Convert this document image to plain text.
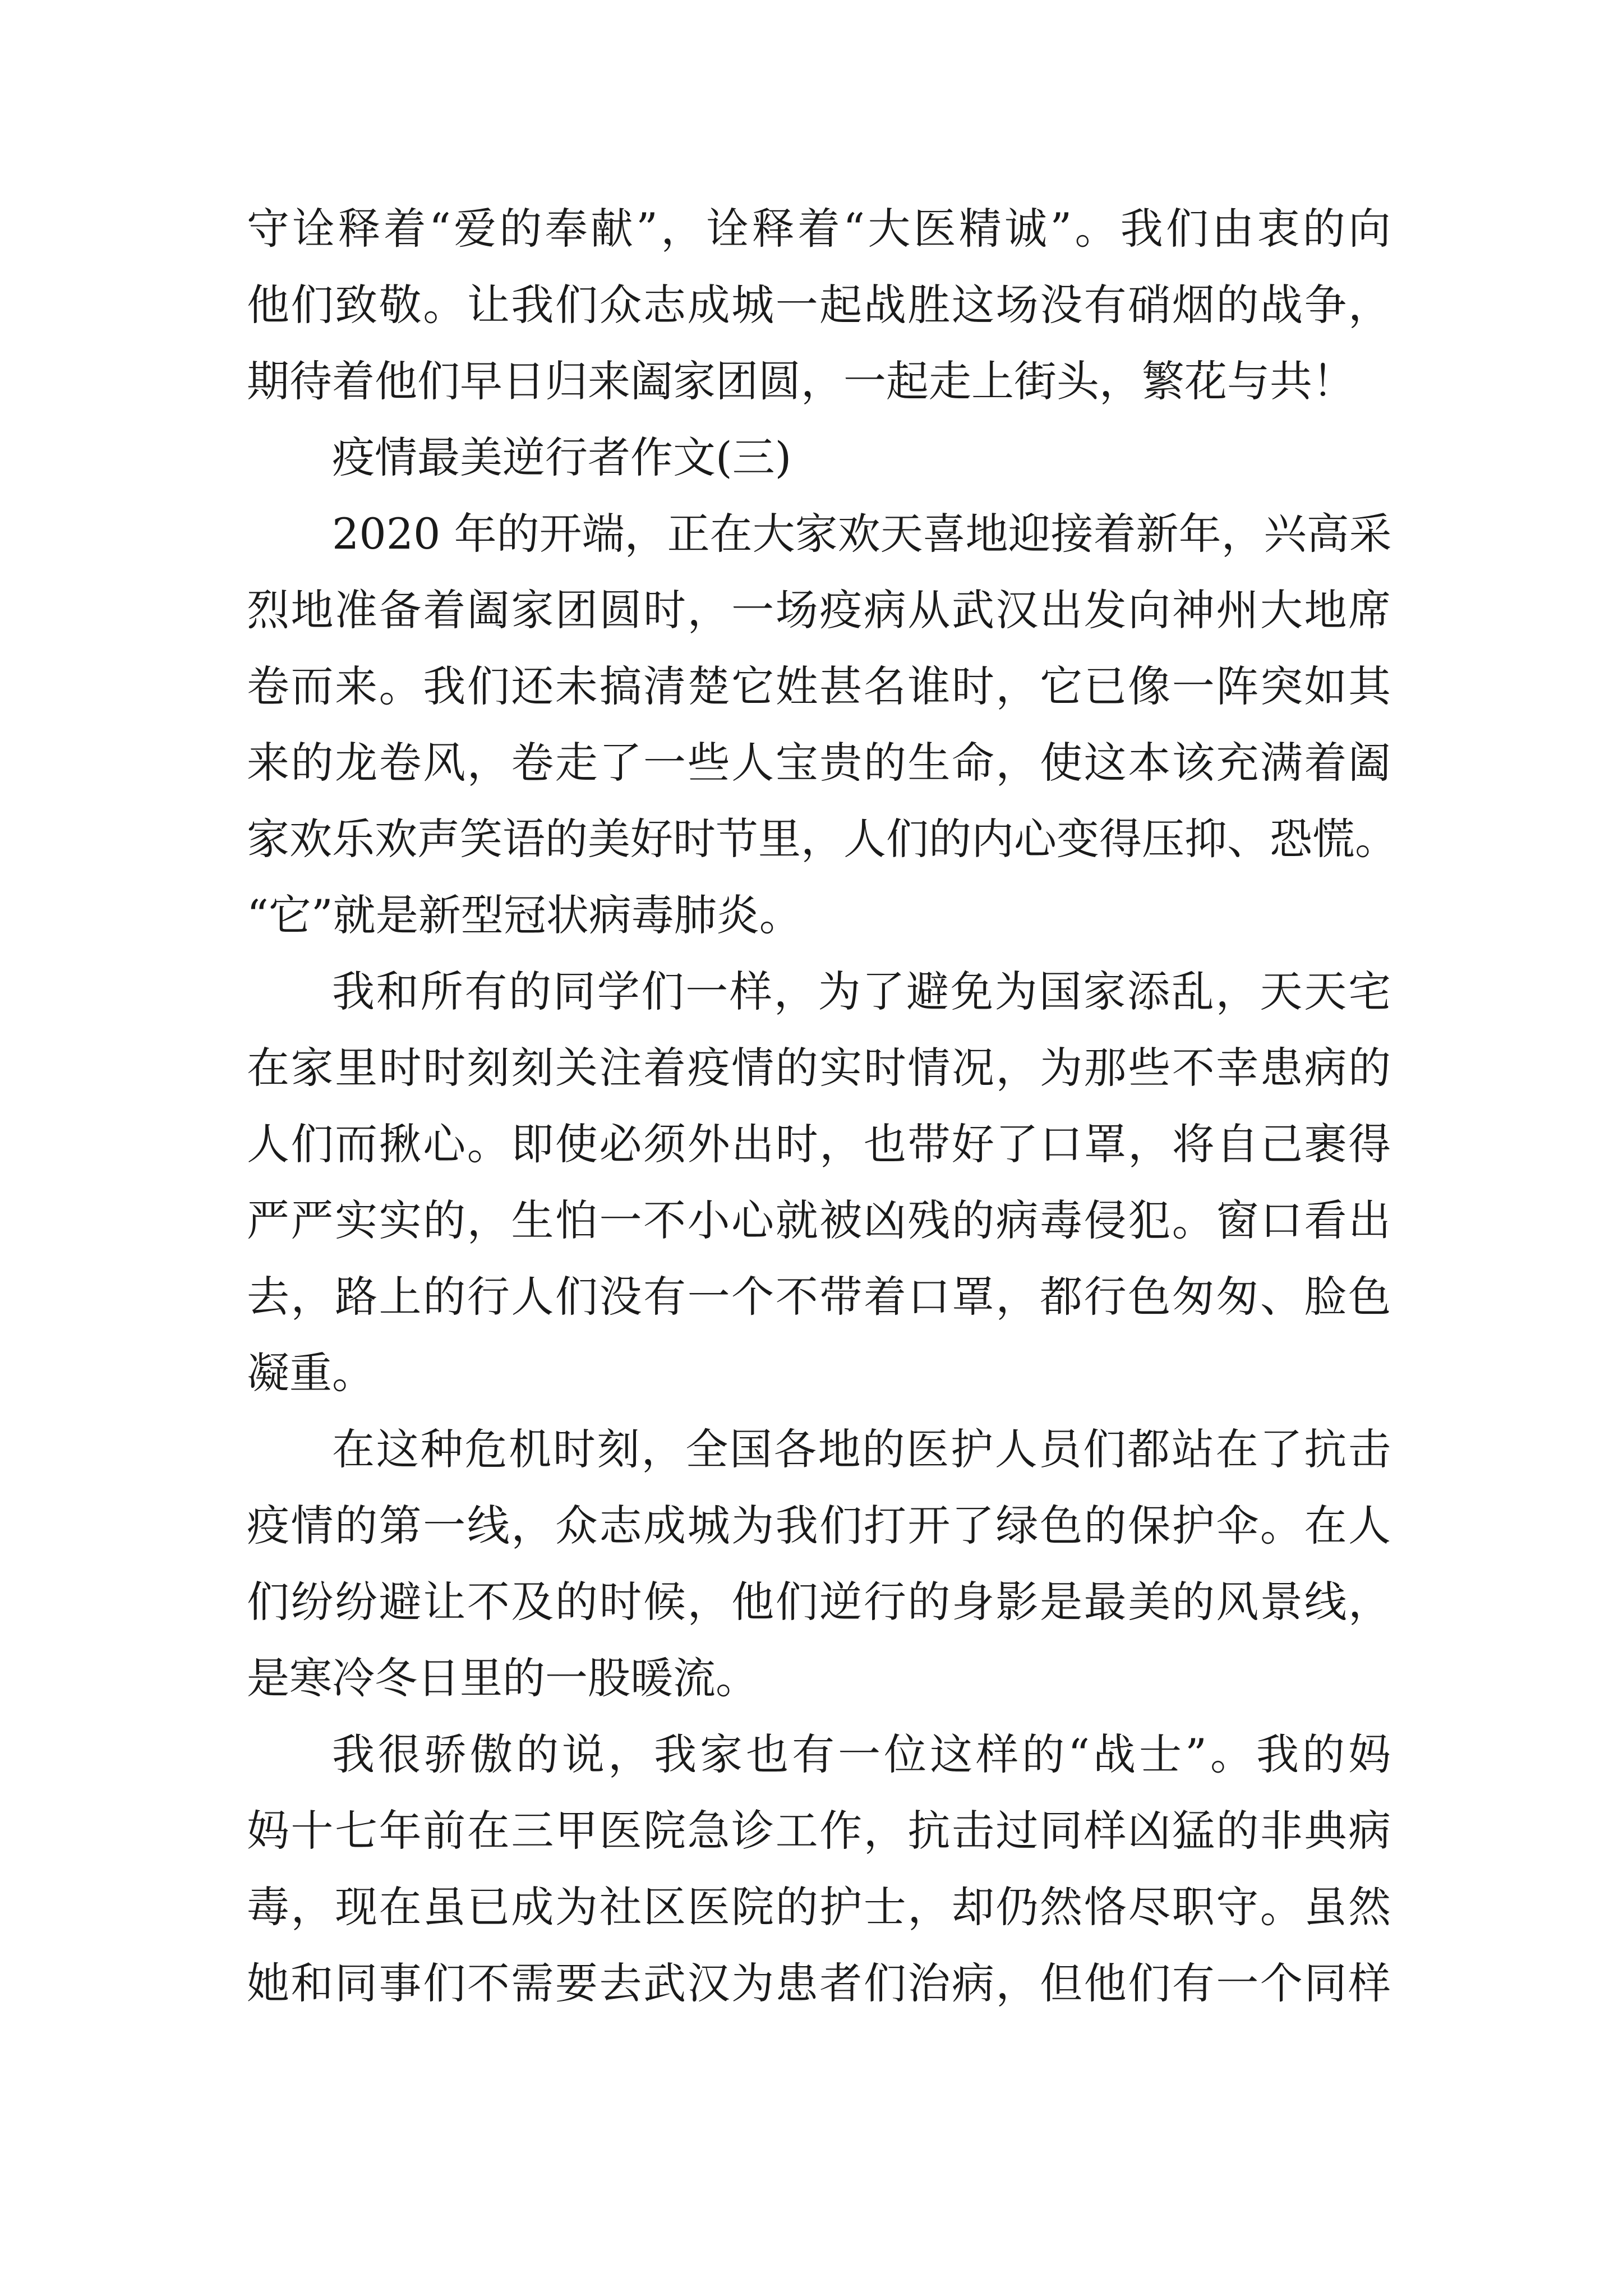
守诠释着“爱的奉献”，诠释着“大医精诚”。我们由衷的向
他们致敬。让我们众志成城一起战胜这场没有硝烟的战争，
期待着他们早日归来阖家团圆，一起走上街头，繁花与共！
疫情最美逆行者作文(三)
2020 年的开端，正在大家欢天喜地迎接着新年，兴高采
烈地准备着阖家团圆时，一场疫病从武汉出发向神州大地席
卷而来。我们还未搞清楚它姓甚名谁时，它已像一阵突如其
来的龙卷风，卷走了一些人宝贵的生命，使这本该充满着阖
家欢乐欢声笑语的美好时节里，人们的内心变得压抑、恐慌。
“它”就是新型冠状病毒肺炎。
我和所有的同学们一样，为了避免为国家添乱，天天宅
在家里时时刻刻关注着疫情的实时情况，为那些不幸患病的
人们而揪心。即使必须外出时，也带好了口罩，将自己裹得
严严实实的，生怕一不小心就被凶残的病毒侵犯。窗口看出
去，路上的行人们没有一个不带着口罩，都行色匆匆、脸色
凝重。
在这种危机时刻，全国各地的医护人员们都站在了抗击
疫情的第一线，众志成城为我们打开了绿色的保护伞。在人
们纷纷避让不及的时候，他们逆行的身影是最美的风景线，
是寒冷冬日里的一股暖流。
我很骄傲的说，我家也有一位这样的“战士”。我的妈
妈十七年前在三甲医院急诊工作，抗击过同样凶猛的非典病
毒，现在虽已成为社区医院的护士，却仍然恪尽职守。虽然
她和同事们不需要去武汉为患者们治病，但他们有一个同样
